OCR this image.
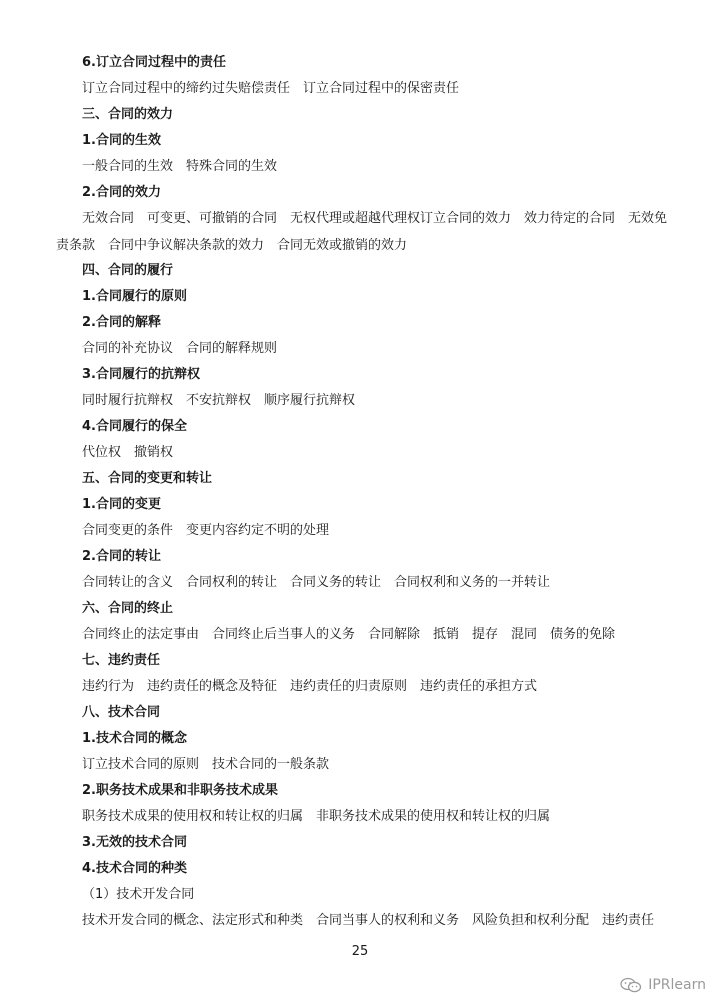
6.订立合同过程中的责任
订立合同过程中的缔约过失赔偿责任　订立合同过程中的保密责任
三、合同的效力
1.合同的生效
一般合同的生效　特殊合同的生效
2.合同的效力
无效合同　可变更、可撤销的合同　无权代理或超越代理权订立合同的效力　效力待定的合同　无效免责条款　合同中争议解决条款的效力　合同无效或撤销的效力
四、合同的履行
1.合同履行的原则
2.合同的解释
合同的补充协议　合同的解释规则
3.合同履行的抗辩权
同时履行抗辩权　不安抗辩权　顺序履行抗辩权
4.合同履行的保全
代位权　撤销权
五、合同的变更和转让
1.合同的变更
合同变更的条件　变更内容约定不明的处理
2.合同的转让
合同转让的含义　合同权利的转让　合同义务的转让　合同权利和义务的一并转让
六、合同的终止
合同终止的法定事由　合同终止后当事人的义务　合同解除　抵销　提存　混同　债务的免除
七、违约责任
违约行为　违约责任的概念及特征　违约责任的归责原则　违约责任的承担方式
八、技术合同
1.技术合同的概念
订立技术合同的原则　技术合同的一般条款
2.职务技术成果和非职务技术成果
职务技术成果的使用权和转让权的归属　非职务技术成果的使用权和转让权的归属
3.无效的技术合同
4.技术合同的种类
（1）技术开发合同
技术开发合同的概念、法定形式和种类　合同当事人的权利和义务　风险负担和权利分配　违约责任
25
IPRlearn
